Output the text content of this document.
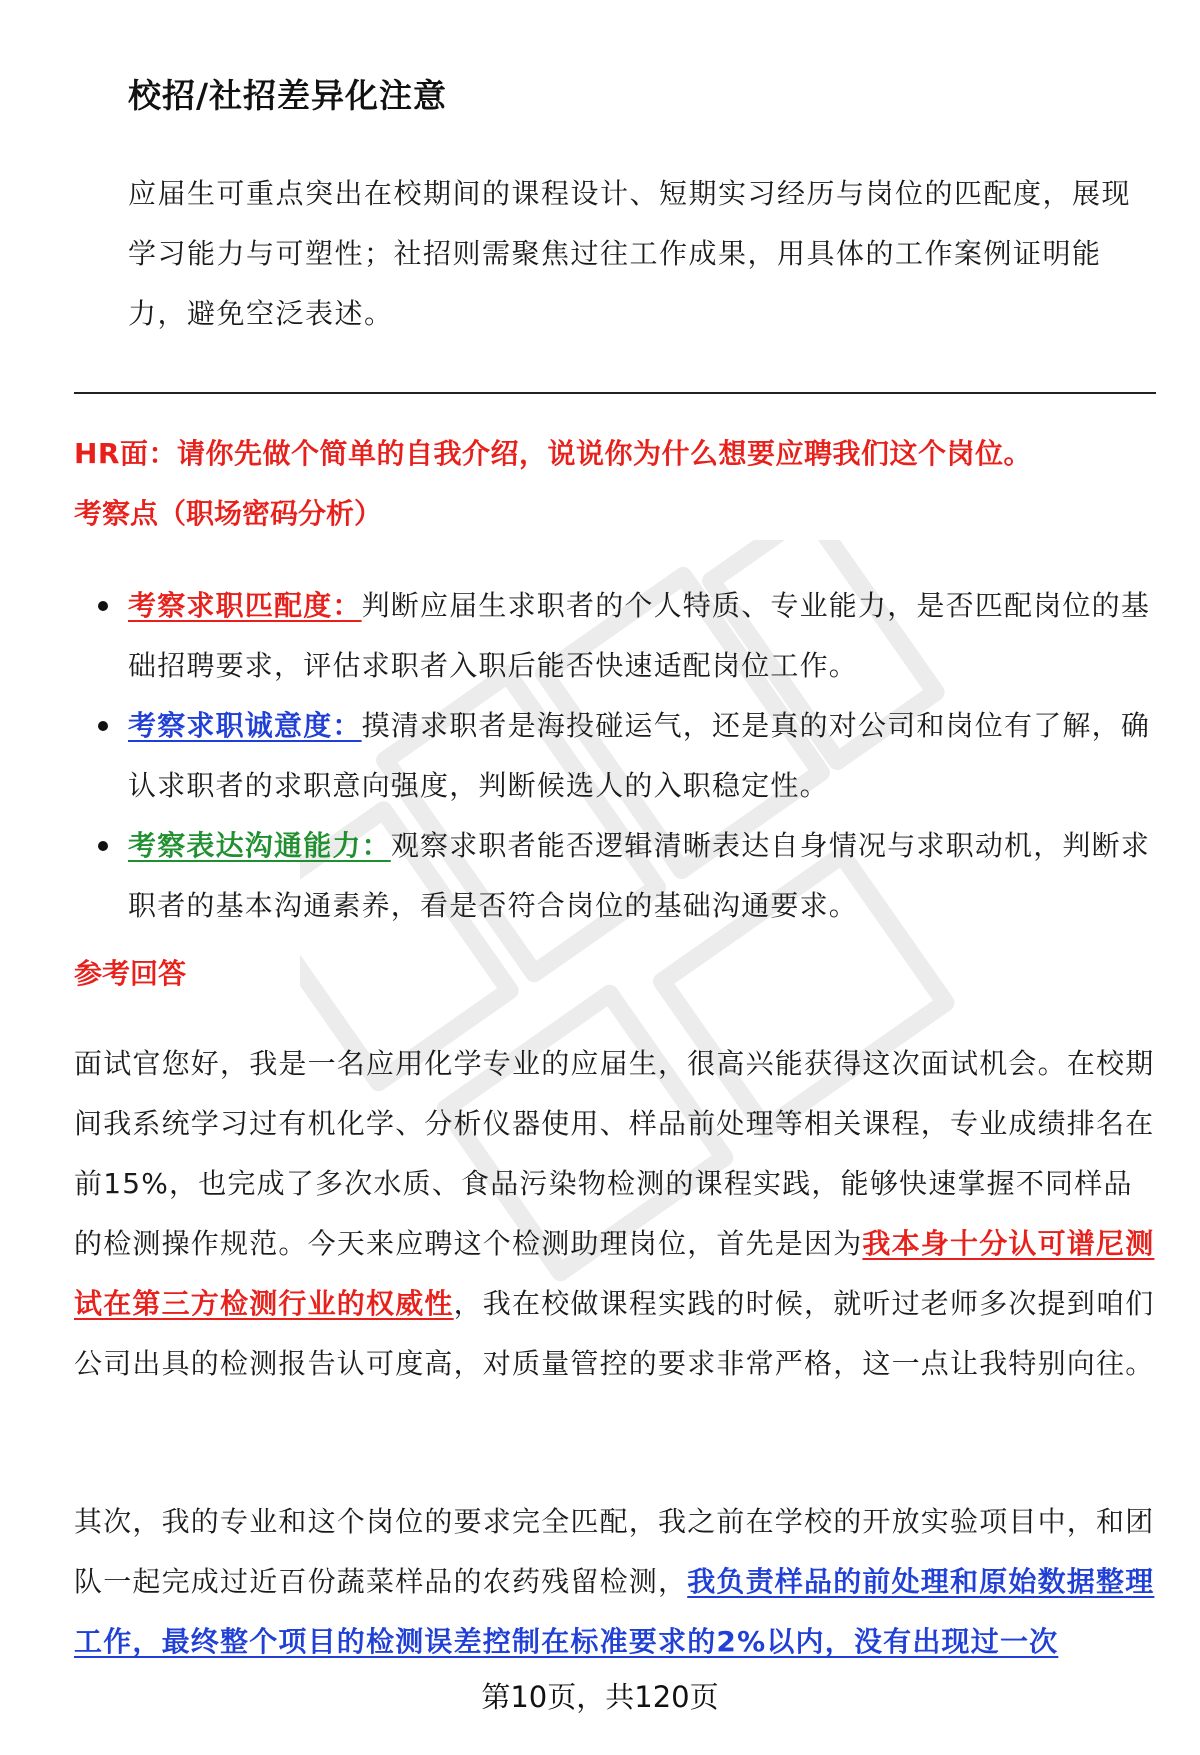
校招/社招差异化注意
应届生可重点突出在校期间的课程设计、短期实习经历与岗位的匹配度，展现学习能力与可塑性；社招则需聚焦过往工作成果，用具体的工作案例证明能力，避免空泛表述。
HR面：请你先做个简单的自我介绍，说说你为什么想要应聘我们这个岗位。
考察点（职场密码分析）
考察求职匹配度：判断应届生求职者的个人特质、专业能力，是否匹配岗位的基础招聘要求，评估求职者入职后能否快速适配岗位工作。
考察求职诚意度：摸清求职者是海投碰运气，还是真的对公司和岗位有了解，确认求职者的求职意向强度，判断候选人的入职稳定性。
考察表达沟通能力：观察求职者能否逻辑清晰表达自身情况与求职动机，判断求职者的基本沟通素养，看是否符合岗位的基础沟通要求。
参考回答

面试官您好，我是一名应用化学专业的应届生，很高兴能获得这次面试机会。在校期间我系统学习过有机化学、分析仪器使用、样品前处理等相关课程，专业成绩排名在前15%，也完成了多次水质、食品污染物检测的课程实践，能够快速掌握不同样品的检测操作规范。今天来应聘这个检测助理岗位，首先是因为我本身十分认可谱尼测试在第三方检测行业的权威性，我在校做课程实践的时候，就听过老师多次提到咱们公司出具的检测报告认可度高，对质量管控的要求非常严格，这一点让我特别向往。

其次，我的专业和这个岗位的要求完全匹配，我之前在学校的开放实验项目中，和团队一起完成过近百份蔬菜样品的农药残留检测，我负责样品的前处理和原始数据整理工作，最终整个项目的检测误差控制在标准要求的2%以内，没有出现过一次

第10页，共120页
